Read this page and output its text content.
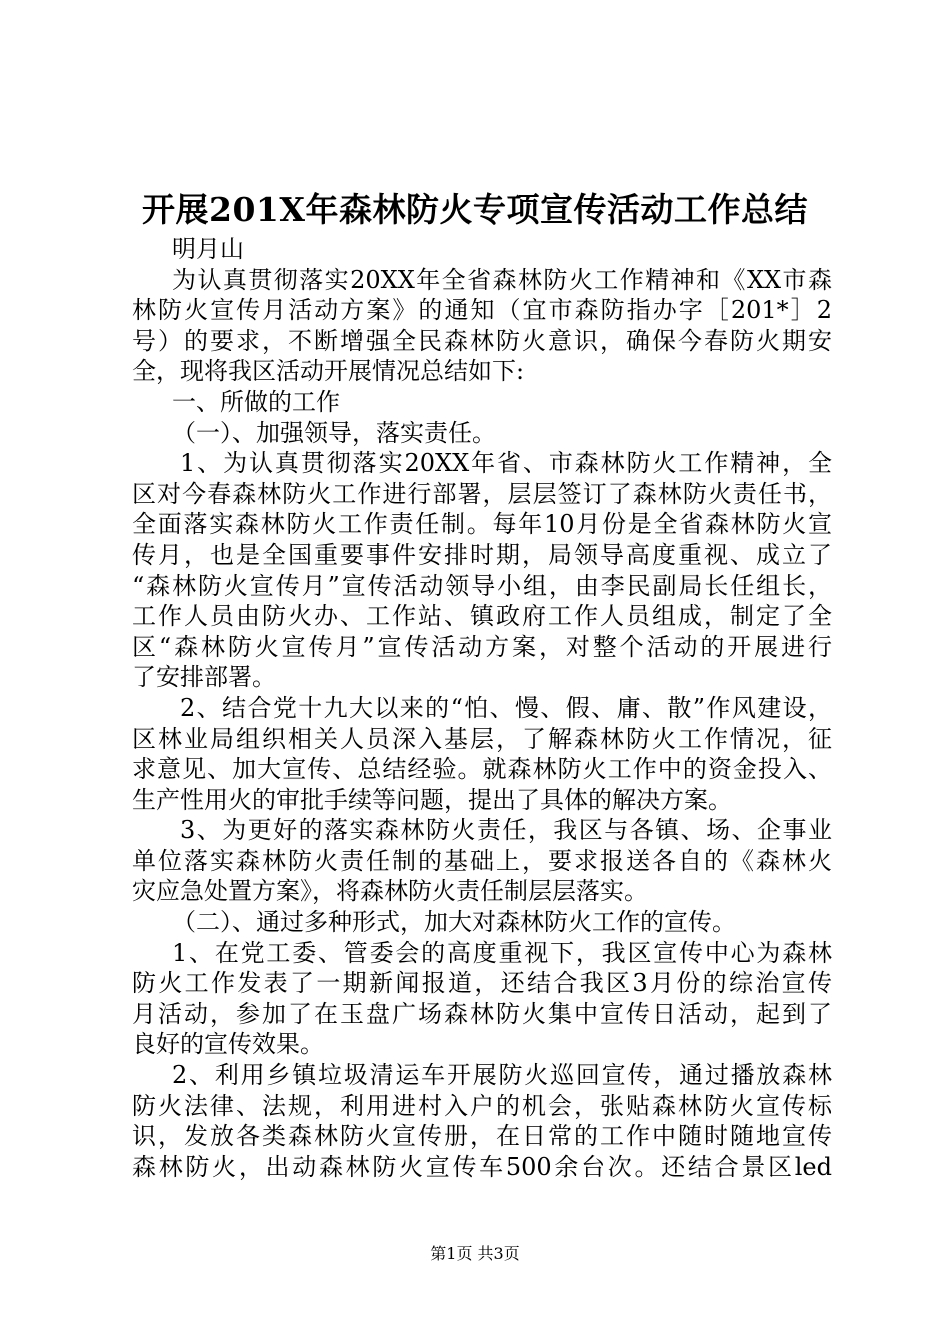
开展201X年森林防火专项宣传活动工作总结
明月山
为认真贯彻落实20XX年全省森林防火工作精神和《XX市森
林防火宣传月活动方案》的通知（宜市森防指办字［201*］2
号）的要求，不断增强全民森林防火意识，确保今春防火期安
全，现将我区活动开展情况总结如下:
一、所做的工作
（一）、加强领导，落实责任。
1、为认真贯彻落实20XX年省、市森林防火工作精神，全
区对今春森林防火工作进行部署，层层签订了森林防火责任书，
全面落实森林防火工作责任制。每年10月份是全省森林防火宣
传月，也是全国重要事件安排时期，局领导高度重视、成立了
“森林防火宣传月”宣传活动领导小组，由李民副局长任组长，
工作人员由防火办、工作站、镇政府工作人员组成，制定了全
区“森林防火宣传月”宣传活动方案，对整个活动的开展进行
了安排部署。
2、结合党十九大以来的“怕、慢、假、庸、散”作风建设，
区林业局组织相关人员深入基层，了解森林防火工作情况，征
求意见、加大宣传、总结经验。就森林防火工作中的资金投入、
生产性用火的审批手续等问题，提出了具体的解决方案。
3、为更好的落实森林防火责任，我区与各镇、场、企事业
单位落实森林防火责任制的基础上，要求报送各自的《森林火
灾应急处置方案》，将森林防火责任制层层落实。
（二）、通过多种形式，加大对森林防火工作的宣传。
1、在党工委、管委会的高度重视下，我区宣传中心为森林
防火工作发表了一期新闻报道，还结合我区3月份的综治宣传
月活动，参加了在玉盘广场森林防火集中宣传日活动，起到了
良好的宣传效果。
2、利用乡镇垃圾清运车开展防火巡回宣传，通过播放森林
防火法律、法规，利用进村入户的机会，张贴森林防火宣传标
识，发放各类森林防火宣传册，在日常的工作中随时随地宣传
森林防火，出动森林防火宣传车500余台次。还结合景区led
第1页 共3页
